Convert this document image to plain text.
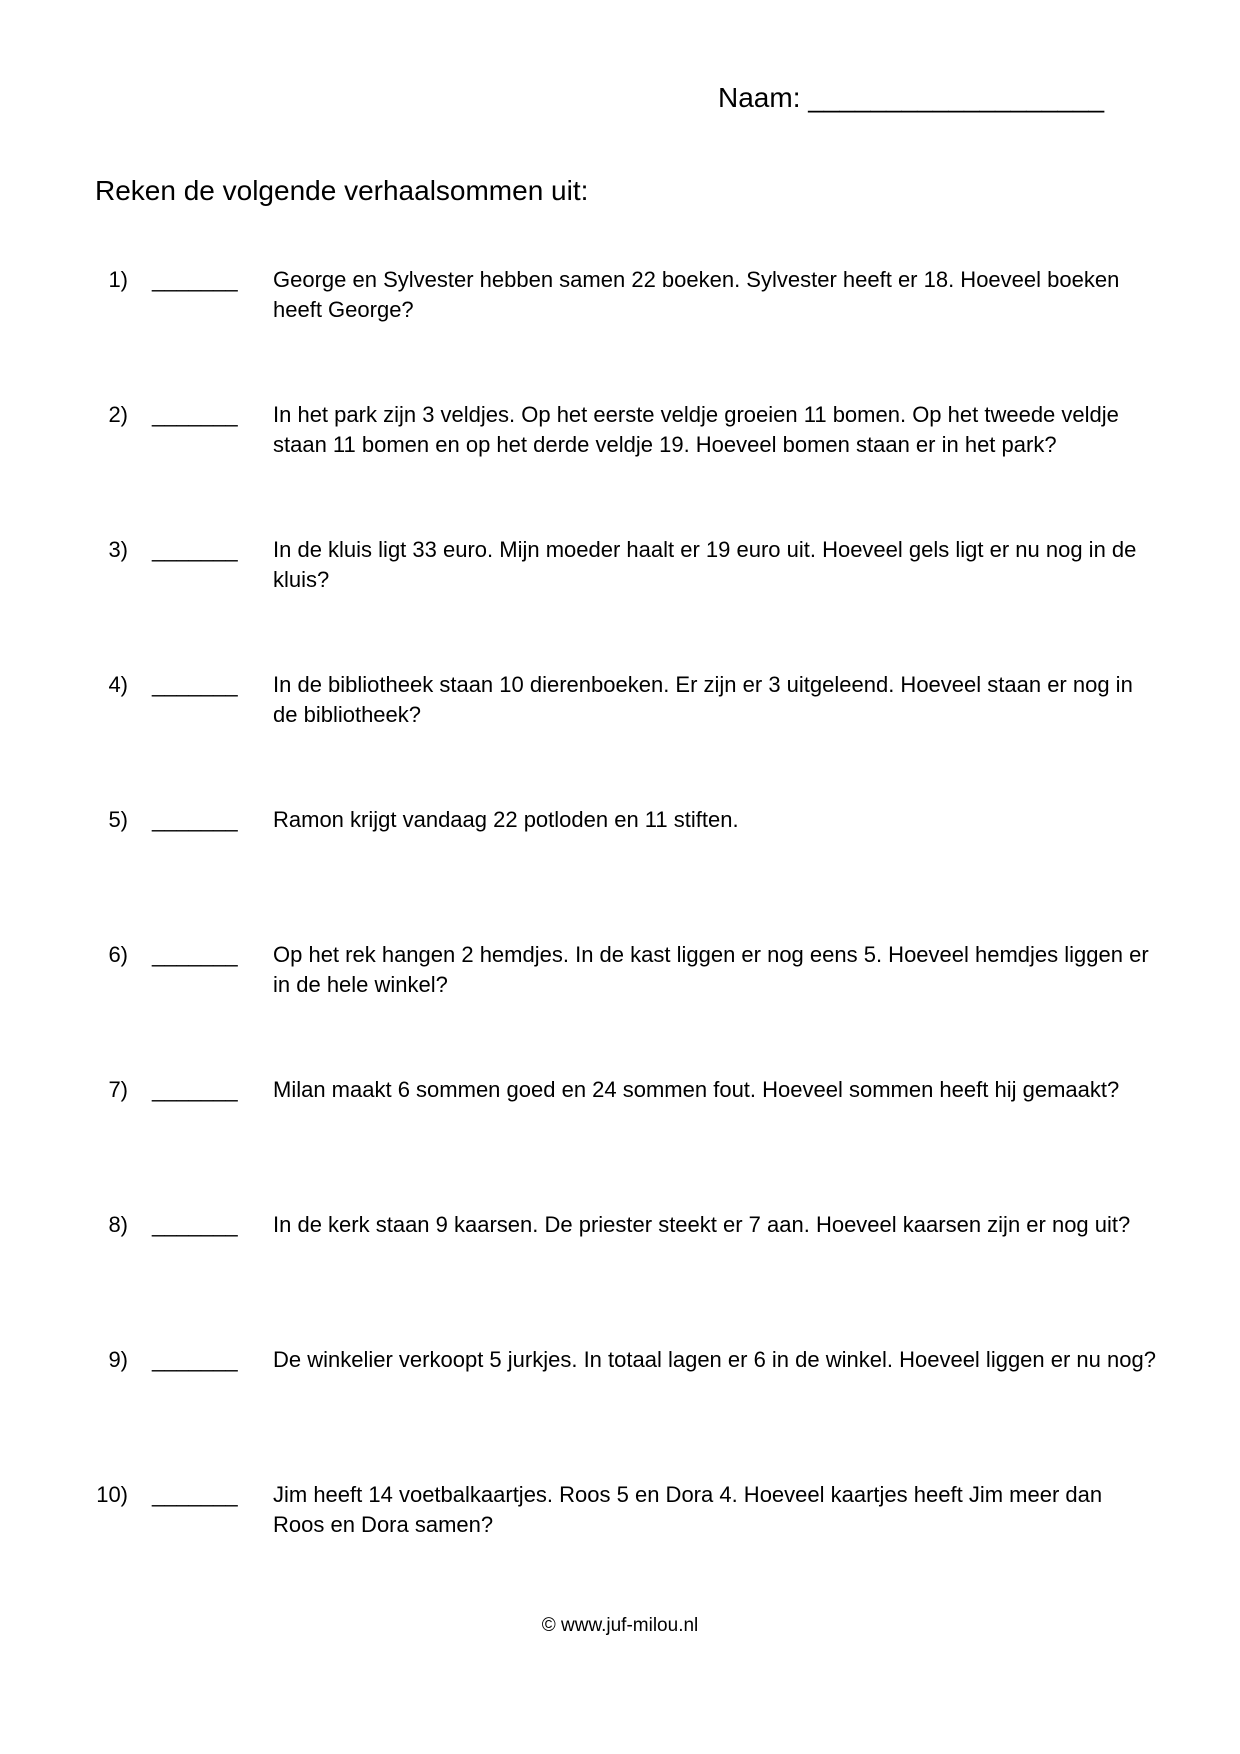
Naam: ___________________
Reken de volgende verhaalsommen uit:
1) _______ George en Sylvester hebben samen 22 boeken. Sylvester heeft er 18. Hoeveel boeken heeft George?
2) _______ In het park zijn 3 veldjes. Op het eerste veldje groeien 11 bomen. Op het tweede veldje staan 11 bomen en op het derde veldje 19. Hoeveel bomen staan er in het park?
3) _______ In de kluis ligt 33 euro. Mijn moeder haalt er 19 euro uit. Hoeveel gels ligt er nu nog in de kluis?
4) _______ In de bibliotheek staan 10 dierenboeken. Er zijn er 3 uitgeleend. Hoeveel staan er nog in de bibliotheek?
5) _______ Ramon krijgt vandaag 22 potloden en 11 stiften.
6) _______ Op het rek hangen 2 hemdjes. In de kast liggen er nog eens 5. Hoeveel hemdjes liggen er in de hele winkel?
7) _______ Milan maakt 6 sommen goed en 24 sommen fout. Hoeveel sommen heeft hij gemaakt?
8) _______ In de kerk staan 9 kaarsen. De priester steekt er 7 aan. Hoeveel kaarsen zijn er nog uit?
9) _______ De winkelier verkoopt 5 jurkjes. In totaal lagen er 6 in de winkel. Hoeveel liggen er nu nog?
10) _______ Jim heeft 14 voetbalkaartjes. Roos 5 en Dora 4. Hoeveel kaartjes heeft Jim meer dan Roos en Dora samen?
© www.juf-milou.nl
